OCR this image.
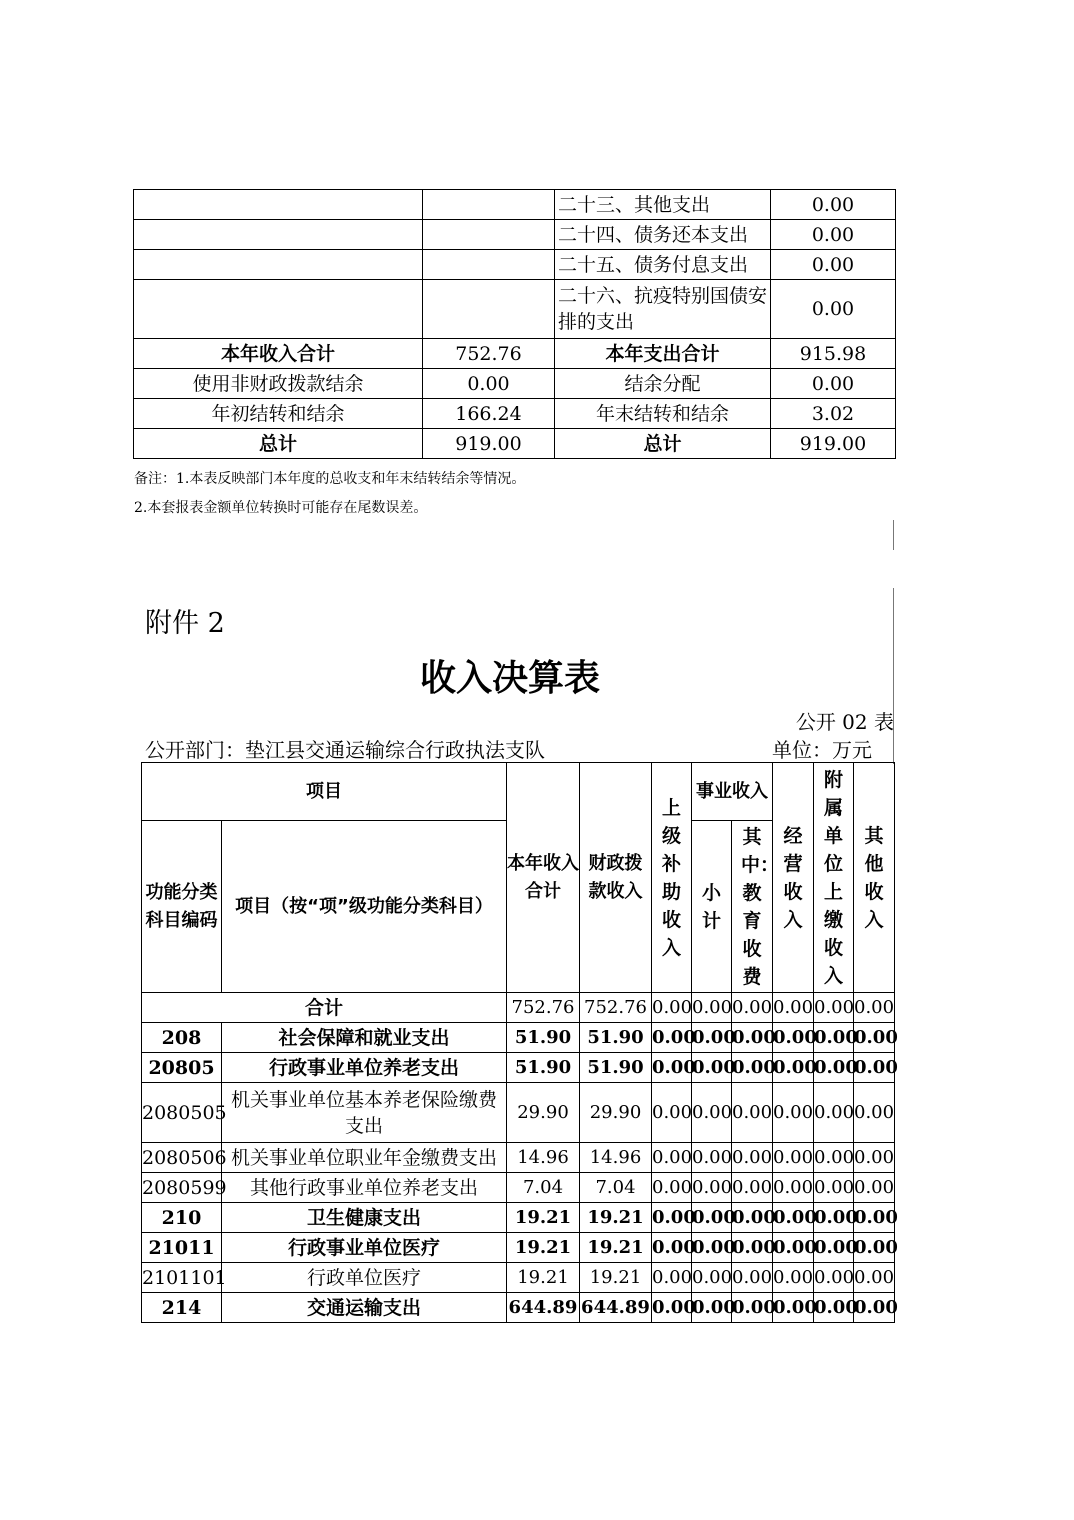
		二十三、其他支出	0.00
		二十四、债务还本支出	0.00
		二十五、债务付息支出	0.00
		二十六、抗疫特别国债安排的支出	0.00
本年收入合计	752.76	本年支出合计	915.98
使用非财政拨款结余	0.00	结余分配	0.00
年初结转和结余	166.24	年末结转和结余	3.02
总计	919.00	总计	919.00
备注：1.本表反映部门本年度的总收支和年末结转结余等情况。
2.本套报表金额单位转换时可能存在尾数误差。
附件 2
收入决算表
公开 02 表
公开部门：垫江县交通运输综合行政执法支队	单位：万元
项目		本年收入合计	财政拨款收入	上级补助收入	事业收入		经营收入	附属单位上缴收入	其他收入
功能分类科目编码	项目（按“项”级功能分类科目）				小计	其中：教育收费			
合计		752.76	752.76	0.00	0.00	0.00	0.00	0.00	0.00
208	社会保障和就业支出	51.90	51.90	0.00	0.00	0.00	0.00	0.00	0.00
20805	行政事业单位养老支出	51.90	51.90	0.00	0.00	0.00	0.00	0.00	0.00
2080505	机关事业单位基本养老保险缴费支出	29.90	29.90	0.00	0.00	0.00	0.00	0.00	0.00
2080506	机关事业单位职业年金缴费支出	14.96	14.96	0.00	0.00	0.00	0.00	0.00	0.00
2080599	其他行政事业单位养老支出	7.04	7.04	0.00	0.00	0.00	0.00	0.00	0.00
210	卫生健康支出	19.21	19.21	0.00	0.00	0.00	0.00	0.00	0.00
21011	行政事业单位医疗	19.21	19.21	0.00	0.00	0.00	0.00	0.00	0.00
2101101	行政单位医疗	19.21	19.21	0.00	0.00	0.00	0.00	0.00	0.00
214	交通运输支出	644.89	644.89	0.00	0.00	0.00	0.00	0.00	0.00
